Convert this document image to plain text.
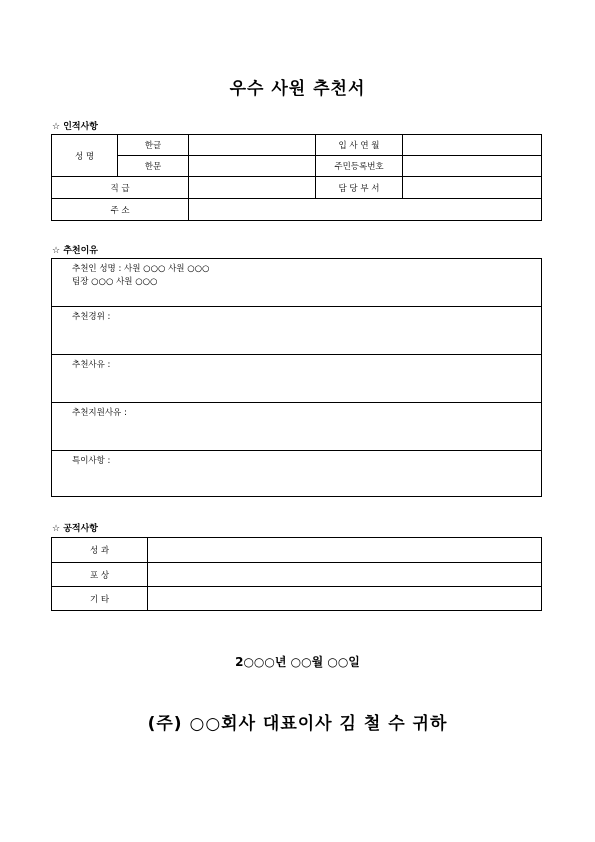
우수 사원 추천서
☆ 인적사항
성 명	한글		입 사 연 월	
	한문		주민등록번호	
직 급			담 당 부 서	
주 소				
☆ 추천이유
추천인 성명 : 사원 ○○○ 사원 ○○○
팀장 ○○○ 사원 ○○○
추천경위 :
추천사유 :
추천지원사유 :
특이사항 :
☆ 공적사항
성 과	
포 상	
기 타	
2○○○년 ○○월 ○○일
(주) ○○회사 대표이사 김 철 수 귀하
